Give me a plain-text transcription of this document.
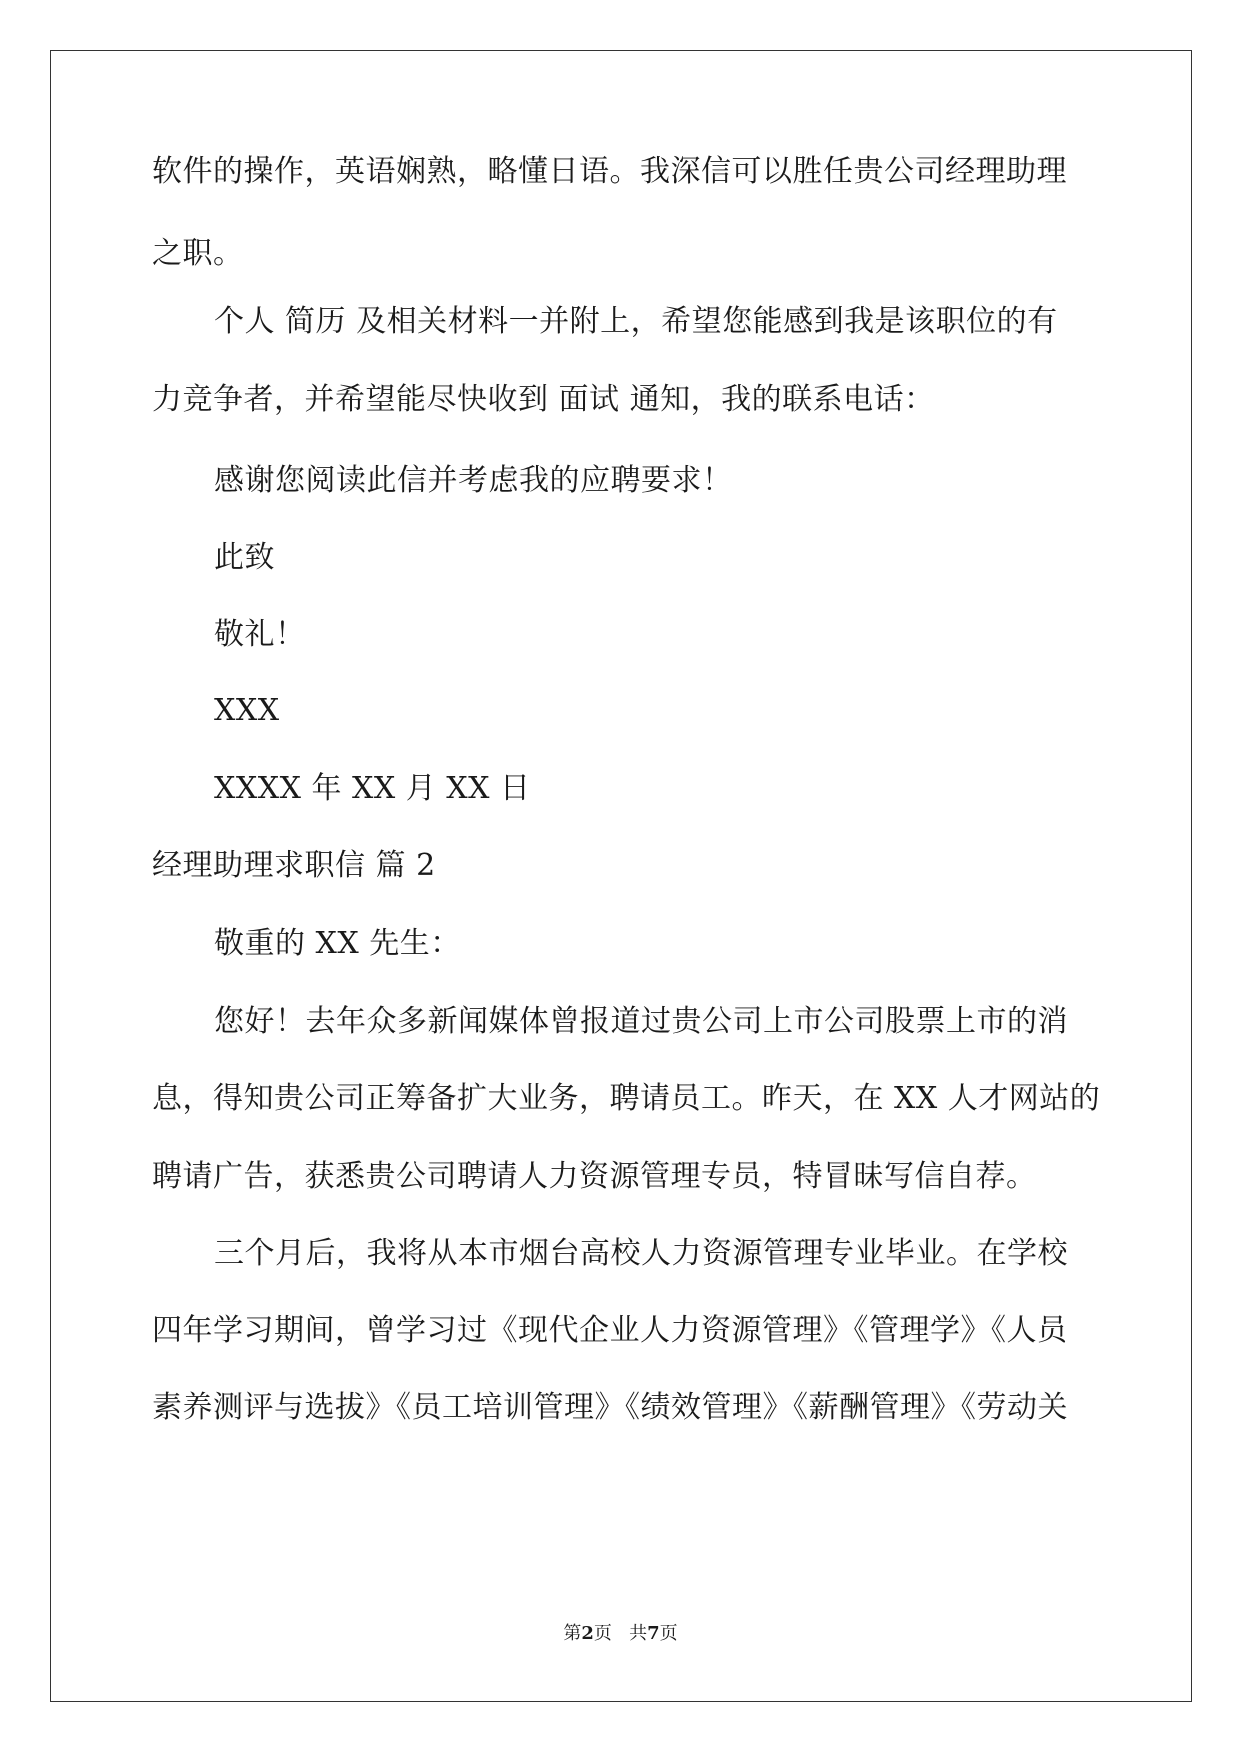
软件的操作，英语娴熟，略懂日语。我深信可以胜任贵公司经理助理
之职。
个人 简历 及相关材料一并附上，希望您能感到我是该职位的有
力竞争者，并希望能尽快收到 面试 通知，我的联系电话：
感谢您阅读此信并考虑我的应聘要求！
此致
敬礼！
XXX
XXXX 年 XX 月 XX 日
经理助理求职信 篇 2
敬重的 XX 先生：
您好！去年众多新闻媒体曾报道过贵公司上市公司股票上市的消
息，得知贵公司正筹备扩大业务，聘请员工。昨天，在 XX 人才网站的
聘请广告，获悉贵公司聘请人力资源管理专员，特冒昧写信自荐。
三个月后，我将从本市烟台高校人力资源管理专业毕业。在学校
四年学习期间，曾学习过《现代企业人力资源管理》《管理学》《人员
素养测评与选拔》《员工培训管理》《绩效管理》《薪酬管理》《劳动关
第2页 共7页
